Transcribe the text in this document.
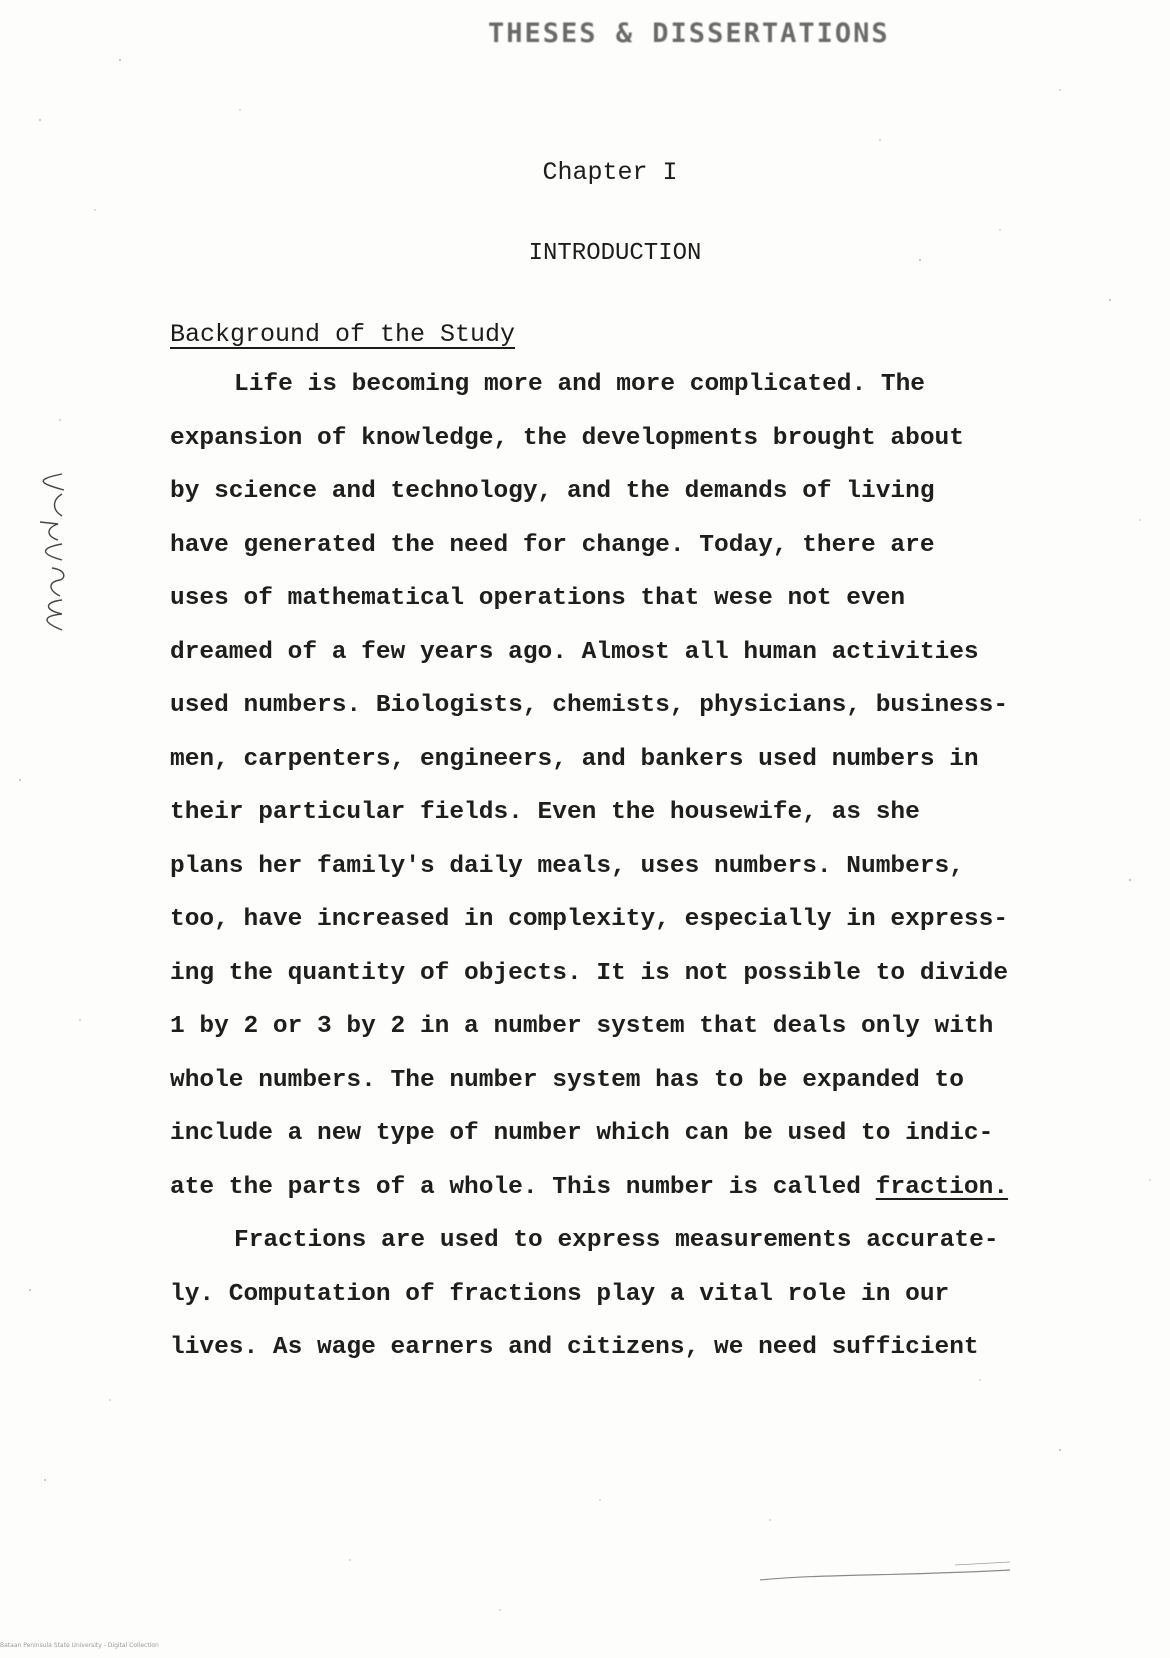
THESES & DISSERTATIONS
Chapter I
INTRODUCTION
Background of the Study
Life is becoming more and more complicated. The
expansion of knowledge, the developments brought about
by science and technology, and the demands of living
have generated the need for change. Today, there are
uses of mathematical operations that wese not even
dreamed of a few years ago. Almost all human activities
used numbers. Biologists, chemists, physicians, business-
men, carpenters, engineers, and bankers used numbers in
their particular fields. Even the housewife, as she
plans her family's daily meals, uses numbers. Numbers,
too, have increased in complexity, especially in express-
ing the quantity of objects. It is not possible to divide
1 by 2 or 3 by 2 in a number system that deals only with
whole numbers. The number system has to be expanded to
include a new type of number which can be used to indic-
ate the parts of a whole. This number is called fraction.
Fractions are used to express measurements accurate-
ly. Computation of fractions play a vital role in our
lives. As wage earners and citizens, we need sufficient
Bataan Peninsula State University - Digital Collection
